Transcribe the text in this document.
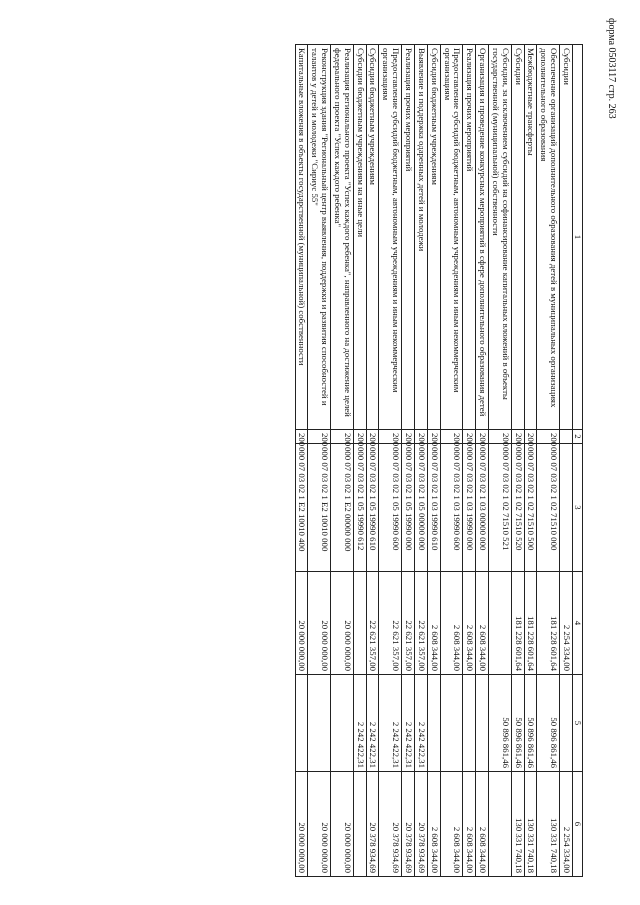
форма 0503117 стр. 263
1	2	3	4	5	6
Субсидии			2 254 334,00		2 254 334,00
Обеспечение организаций дополнительного образования детей в муниципальных организациях дополнительного образования	200	000 07 03 02 1 02 71510 000	181 228 601,64	50 896 861,46	130 331 740,18
Межбюджетные трансферты	200	000 07 03 02 1 02 71510 500	181 228 601,64	50 896 861,46	130 331 740,18
Субсидии	200	000 07 03 02 1 02 71510 520	181 228 601,64	50 896 861,46	130 331 740,18
Субсидии, за исключением субсидий на софинансирование капитальных вложений в объекты государственной (муниципальной) собственности	200	000 07 03 02 1 02 71510 521		50 896 861,46	
Организация и проведение конкурсных мероприятий в сфере дополнительного образования детей	200	000 07 03 02 1 03 00000 000	2 608 344,00		2 608 344,00
Реализация прочих мероприятий	200	000 07 03 02 1 03 19990 000	2 608 344,00		2 608 344,00
Предоставление субсидий бюджетным, автономным учреждениям и иным некоммерческим организациям	200	000 07 03 02 1 03 19990 600	2 608 344,00		2 608 344,00
Субсидии бюджетным учреждениям	200	000 07 03 02 1 03 19990 610	2 608 344,00		2 608 344,00
Выявление и поддержка одаренных детей и молодежи	200	000 07 03 02 1 05 00000 000	22 621 357,00	2 242 422,31	20 378 934,69
Реализация прочих мероприятий	200	000 07 03 02 1 05 19990 000	22 621 357,00	2 242 422,31	20 378 934,69
Предоставление субсидий бюджетным, автономным учреждениям и иным некоммерческим организациям	200	000 07 03 02 1 05 19990 600	22 621 357,00	2 242 422,31	20 378 934,69
Субсидии бюджетным учреждениям	200	000 07 03 02 1 05 19990 610	22 621 357,00	2 242 422,31	20 378 934,69
Субсидии бюджетным учреждениям на иные цели	200	000 07 03 02 1 05 19990 612		2 242 422,31	
Реализация регионального проекта "Успех каждого ребенка", направленного на достижение целей федерального проекта "Успех каждого ребенка"	200	000 07 03 02 1 E2 00000 000	20 000 000,00		20 000 000,00
Реконструкция здания "Региональный центр выявления, поддержки и развития способностей и талантов у детей и молодежи "Сириус 55"	200	000 07 03 02 1 E2 10010 000	20 000 000,00		20 000 000,00
Капитальные вложения в объекты государственной (муниципальной) собственности	200	000 07 03 02 1 E2 10010 400	20 000 000,00		20 000 000,00
